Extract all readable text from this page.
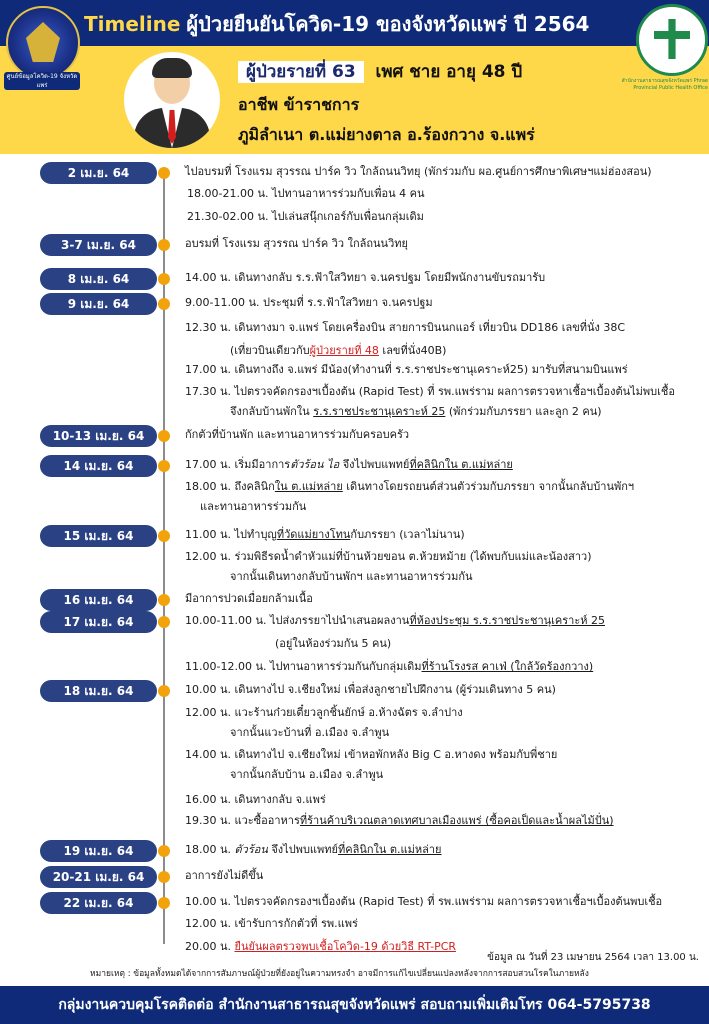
Timeline ผู้ป่วยยืนยันโควิด-19 ของจังหวัดแพร่ ปี 2564
ศูนย์ข้อมูลโควิด-19 จังหวัดแพร่
สำนักงานสาธารณสุขจังหวัดแพร่ Phrae Provincial Public Health Office
ผู้ป่วยรายที่ 63 เพศ ชาย อายุ 48 ปี
อาชีพ ข้าราชการ
ภูมิลำเนา ต.แม่ยางตาล อ.ร้องกวาง จ.แพร่
2 เม.ย. 64	ไปอบรมที่ โรงแรม สุวรรณ ปาร์ค วิว ใกล้ถนนวิทยุ (พักร่วมกับ ผอ.ศูนย์การศึกษาพิเศษฯแม่ฮ่องสอน)
18.00-21.00 น. ไปทานอาหารร่วมกับเพื่อน 4 คน
21.30-02.00 น. ไปเล่นสนุ๊กเกอร์กับเพื่อนกลุ่มเดิม
3-7 เม.ย. 64	อบรมที่ โรงแรม สุวรรณ ปาร์ค วิว ใกล้ถนนวิทยุ
8 เม.ย. 64	14.00 น. เดินทางกลับ ร.ร.ฟ้าใสวิทยา จ.นครปฐม โดยมีพนักงานขับรถมารับ
9 เม.ย. 64	9.00-11.00 น. ประชุมที่ ร.ร.ฟ้าใสวิทยา จ.นครปฐม
12.30 น. เดินทางมา จ.แพร่ โดยเครื่องบิน สายการบินนกแอร์ เที่ยวบิน DD186 เลขที่นั่ง 38C
(เที่ยวบินเดียวกับผู้ป่วยรายที่ 48 เลขที่นั่ง40B)
17.00 น. เดินทางถึง จ.แพร่ มีน้อง(ทำงานที่ ร.ร.ราชประชานุเคราะห์25) มารับที่สนามบินแพร่
17.30 น. ไปตรวจคัดกรองฯเบื้องต้น (Rapid Test) ที่ รพ.แพร่ราม ผลการตรวจหาเชื้อฯเบื้องต้นไม่พบเชื้อ
จึงกลับบ้านพักใน ร.ร.ราชประชานุเคราะห์ 25 (พักร่วมกับภรรยา และลูก 2 คน)
10-13 เม.ย. 64	กักตัวที่บ้านพัก และทานอาหารร่วมกับครอบครัว
14 เม.ย. 64	17.00 น. เริ่มมีอาการตัวร้อน ไอ จึงไปพบแพทย์ที่คลินิกใน ต.แม่หล่าย
18.00 น. ถึงคลินิกใน ต.แม่หล่าย เดินทางโดยรถยนต์ส่วนตัวร่วมกับภรรยา จากนั้นกลับบ้านพักฯ
และทานอาหารร่วมกัน
15 เม.ย. 64	11.00 น. ไปทำบุญที่วัดแม่ยางโทนกับภรรยา (เวลาไม่นาน)
12.00 น. ร่วมพิธีรดน้ำดำหัวแม่ที่บ้านห้วยขอน ต.ห้วยหม้าย (ได้พบกับแม่และน้องสาว)
จากนั้นเดินทางกลับบ้านพักฯ และทานอาหารร่วมกัน
16 เม.ย. 64	มีอาการปวดเมื่อยกล้ามเนื้อ
17 เม.ย. 64	10.00-11.00 น. ไปส่งภรรยาไปนำเสนอผลงานที่ห้องประชุม ร.ร.ราชประชานุเคราะห์ 25
(อยู่ในห้องร่วมกัน 5 คน)
11.00-12.00 น. ไปทานอาหารร่วมกันกับกลุ่มเดิมที่ร้านโรงรส คาเฟ่ (ใกล้วัดร้องกวาง)
18 เม.ย. 64	10.00 น. เดินทางไป จ.เชียงใหม่ เพื่อส่งลูกชายไปฝึกงาน (ผู้ร่วมเดินทาง 5 คน)
12.00 น. แวะร้านก๋วยเตี๋ยวลูกชิ้นยักษ์ อ.ห้างฉัตร จ.ลำปาง
จากนั้นแวะบ้านที่ อ.เมือง จ.ลำพูน
14.00 น. เดินทางไป จ.เชียงใหม่ เข้าหอพักหลัง Big C อ.หางดง พร้อมกับพี่ชาย
จากนั้นกลับบ้าน อ.เมือง จ.ลำพูน
16.00 น. เดินทางกลับ จ.แพร่
19.30 น. แวะซื้ออาหารที่ร้านค้าบริเวณตลาดเทศบาลเมืองแพร่ (ซื้อคอเป็ดและน้ำผลไม้ปั่น)
19 เม.ย. 64	18.00 น. ตัวร้อน จึงไปพบแพทย์ที่คลินิกใน ต.แม่หล่าย
20-21 เม.ย. 64	อาการยังไม่ดีขึ้น
22 เม.ย. 64	10.00 น. ไปตรวจคัดกรองฯเบื้องต้น (Rapid Test) ที่ รพ.แพร่ราม ผลการตรวจหาเชื้อฯเบื้องต้นพบเชื้อ
12.00 น. เข้ารับการกักตัวที่ รพ.แพร่
20.00 น. ยืนยันผลตรวจพบเชื้อโควิด-19 ด้วยวิธี RT-PCR
ข้อมูล ณ วันที่ 23 เมษายน 2564 เวลา 13.00 น.
หมายเหตุ : ข้อมูลทั้งหมดได้จากการสัมภาษณ์ผู้ป่วยที่ยังอยู่ในความทรงจำ อาจมีการแก้ไขเปลี่ยนแปลงหลังจากการสอบสวนโรคในภายหลัง
กลุ่มงานควบคุมโรคติดต่อ สำนักงานสาธารณสุขจังหวัดแพร่ สอบถามเพิ่มเติมโทร 064-5795738
